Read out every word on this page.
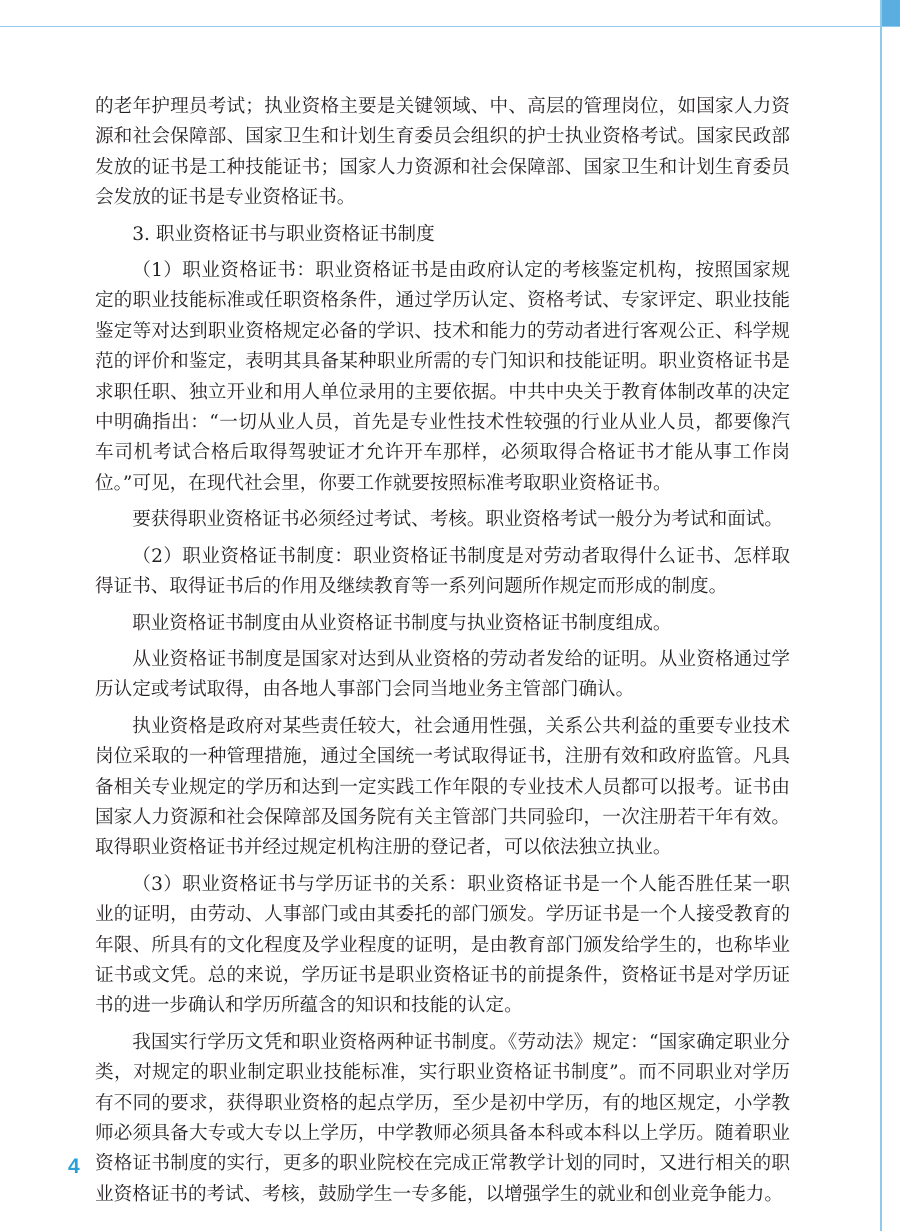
的老年护理员考试；执业资格主要是关键领域、中、高层的管理岗位，如国家人力资源和社会保障部、国家卫生和计划生育委员会组织的护士执业资格考试。国家民政部发放的证书是工种技能证书；国家人力资源和社会保障部、国家卫生和计划生育委员会发放的证书是专业资格证书。

3. 职业资格证书与职业资格证书制度

（1）职业资格证书：职业资格证书是由政府认定的考核鉴定机构，按照国家规定的职业技能标准或任职资格条件，通过学历认定、资格考试、专家评定、职业技能鉴定等对达到职业资格规定必备的学识、技术和能力的劳动者进行客观公正、科学规范的评价和鉴定，表明其具备某种职业所需的专门知识和技能证明。职业资格证书是求职任职、独立开业和用人单位录用的主要依据。中共中央关于教育体制改革的决定中明确指出：“一切从业人员，首先是专业性技术性较强的行业从业人员，都要像汽车司机考试合格后取得驾驶证才允许开车那样，必须取得合格证书才能从事工作岗位。”可见，在现代社会里，你要工作就要按照标准考取职业资格证书。

要获得职业资格证书必须经过考试、考核。职业资格考试一般分为考试和面试。

（2）职业资格证书制度：职业资格证书制度是对劳动者取得什么证书、怎样取得证书、取得证书后的作用及继续教育等一系列问题所作规定而形成的制度。

职业资格证书制度由从业资格证书制度与执业资格证书制度组成。

从业资格证书制度是国家对达到从业资格的劳动者发给的证明。从业资格通过学历认定或考试取得，由各地人事部门会同当地业务主管部门确认。

执业资格是政府对某些责任较大，社会通用性强，关系公共利益的重要专业技术岗位采取的一种管理措施，通过全国统一考试取得证书，注册有效和政府监管。凡具备相关专业规定的学历和达到一定实践工作年限的专业技术人员都可以报考。证书由国家人力资源和社会保障部及国务院有关主管部门共同验印，一次注册若干年有效。取得职业资格证书并经过规定机构注册的登记者，可以依法独立执业。

（3）职业资格证书与学历证书的关系：职业资格证书是一个人能否胜任某一职业的证明，由劳动、人事部门或由其委托的部门颁发。学历证书是一个人接受教育的年限、所具有的文化程度及学业程度的证明，是由教育部门颁发给学生的，也称毕业证书或文凭。总的来说，学历证书是职业资格证书的前提条件，资格证书是对学历证书的进一步确认和学历所蕴含的知识和技能的认定。

我国实行学历文凭和职业资格两种证书制度。《劳动法》规定：“国家确定职业分类，对规定的职业制定职业技能标准，实行职业资格证书制度”。而不同职业对学历有不同的要求，获得职业资格的起点学历，至少是初中学历，有的地区规定，小学教师必须具备大专或大专以上学历，中学教师必须具备本科或本科以上学历。随着职业资格证书制度的实行，更多的职业院校在完成正常教学计划的同时，又进行相关的职业资格证书的考试、考核，鼓励学生一专多能，以增强学生的就业和创业竞争能力。

4
